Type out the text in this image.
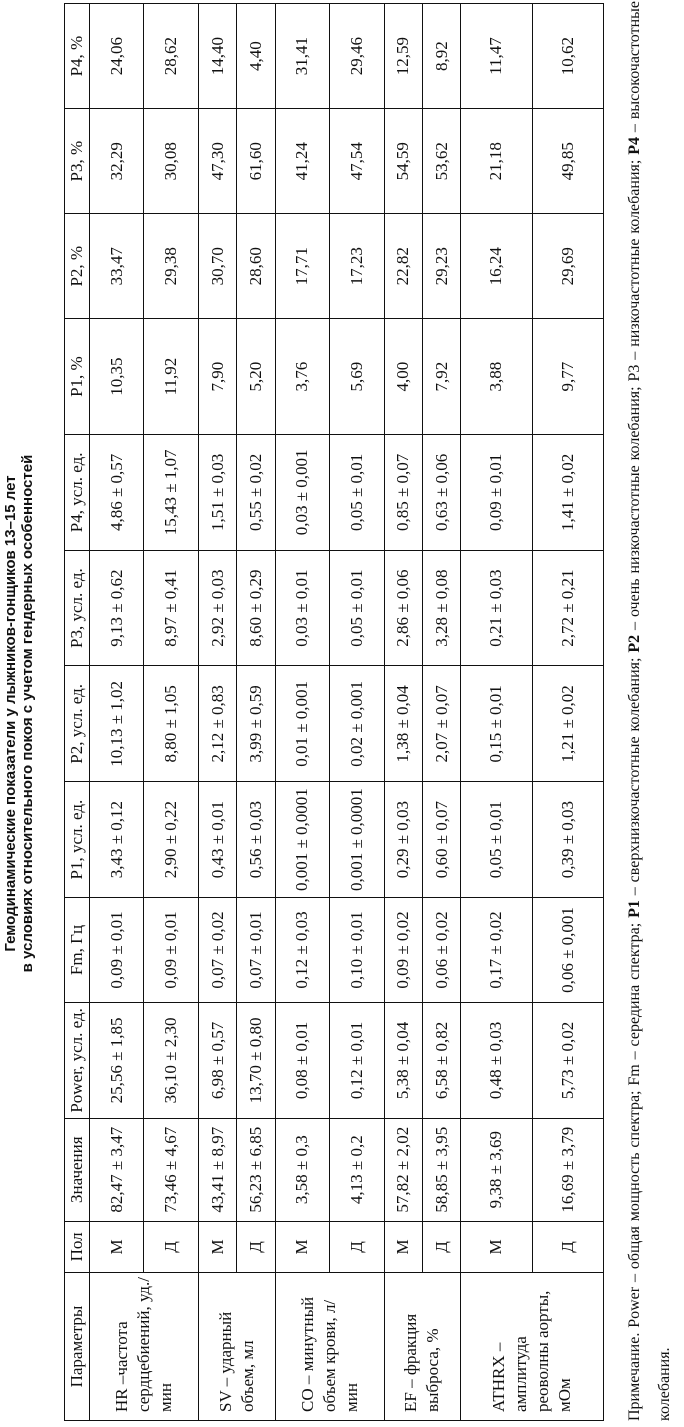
Гемодинамические показатели у лыжников-гонщиков 13–15 лет в условиях относительного покоя с учетом гендерных особенностей
Параметры	Пол	Значения	Power, усл. ед.	Fm, Гц	P1, усл. ед.	P2, усл. ед.	P3, усл. ед.	P4, усл. ед.	P1, %	P2, %	P3, %	P4, %
HR –частота сердцебиений, уд./мин	М	82,47 ± 3,47	25,56 ± 1,85	0,09 ± 0,01	3,43 ± 0,12	10,13 ± 1,02	9,13 ± 0,62	4,86 ± 0,57	10,35	33,47	32,29	24,06
	Д	73,46 ± 4,67	36,10 ± 2,30	0,09 ± 0,01	2,90 ± 0,22	8,80 ± 1,05	8,97 ± 0,41	15,43 ± 1,07	11,92	29,38	30,08	28,62
SV – ударный объем, мл	М	43,41 ± 8,97	6,98 ± 0,57	0,07 ± 0,02	0,43 ± 0,01	2,12 ± 0,83	2,92 ± 0,03	1,51 ± 0,03	7,90	30,70	47,30	14,40
	Д	56,23 ± 6,85	13,70 ± 0,80	0,07 ± 0,01	0,56 ± 0,03	3,99 ± 0,59	8,60 ± 0,29	0,55 ± 0,02	5,20	28,60	61,60	4,40
CO – минутный объем крови, л/мин	М	3,58 ± 0,3	0,08 ± 0,01	0,12 ± 0,03	0,001 ± 0,0001	0,01 ± 0,001	0,03 ± 0,01	0,03 ± 0,001	3,76	17,71	41,24	31,41
	Д	4,13 ± 0,2	0,12 ± 0,01	0,10 ± 0,01	0,001 ± 0,0001	0,02 ± 0,001	0,05 ± 0,01	0,05 ± 0,01	5,69	17,23	47,54	29,46
EF – фракция выброса, %	М	57,82 ± 2,02	5,38 ± 0,04	0,09 ± 0,02	0,29 ± 0,03	1,38 ± 0,04	2,86 ± 0,06	0,85 ± 0,07	4,00	22,82	54,59	12,59
	Д	58,85 ± 3,95	6,58 ± 0,82	0,06 ± 0,02	0,60 ± 0,07	2,07 ± 0,07	3,28 ± 0,08	0,63 ± 0,06	7,92	29,23	53,62	8,92
ATHRX – амплитуда реоволны аорты, мОм	М	9,38 ± 3,69	0,48 ± 0,03	0,17 ± 0,02	0,05 ± 0,01	0,15 ± 0,01	0,21 ± 0,03	0,09 ± 0,01	3,88	16,24	21,18	11,47
	Д	16,69 ± 3,79	5,73 ± 0,02	0,06 ± 0,001	0,39 ± 0,03	1,21 ± 0,02	2,72 ± 0,21	1,41 ± 0,02	9,77	29,69	49,85	10,62
Примечание. Power – общая мощность спектра; Fm – середина спектра; P1 – сверхнизкочастотные колебания; P2 – очень низкочастотные колебания; P3 – низкочастотные колебания; P4 – высокочастотные колебания.
